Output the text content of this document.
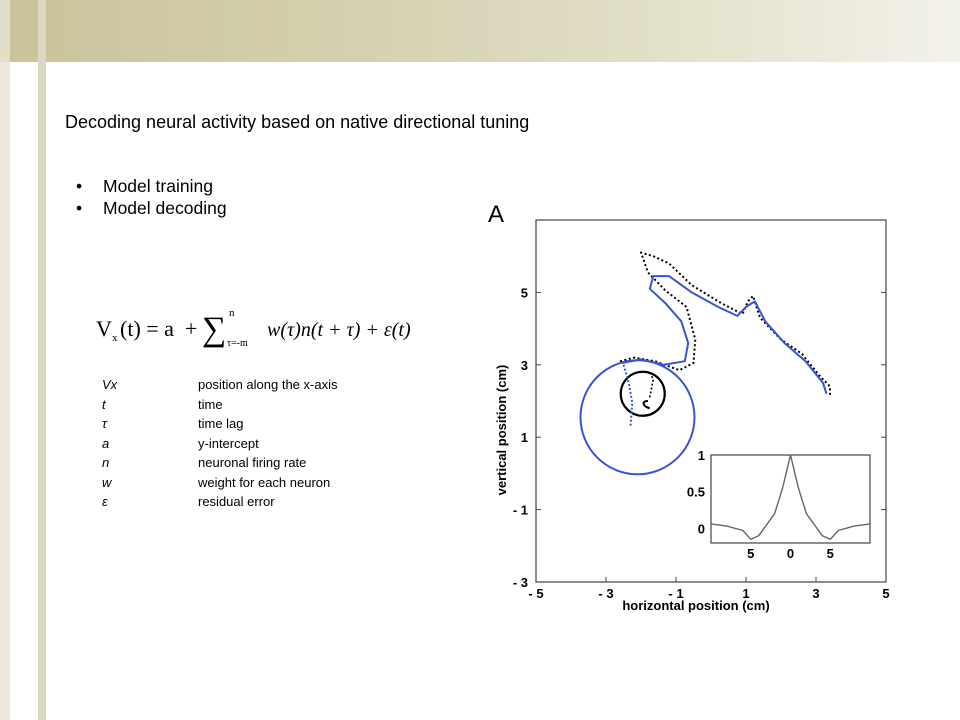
Decoding neural activity based on native directional tuning
• Model training
• Model decoding
V x (t) = a  + ∑ n
τ=-m
w(τ)n(t + τ) + ε(t)
Vx	position along the x-axis
t	time
τ	time lag
a	y-intercept
n	neuronal firing rate
w	weight for each neuron
ε	residual error
A
- 5	- 3	- 1	1	3	5
- 3
- 1
1
3
5
5	0	5
0
0.5
1
horizontal position (cm)
vertical position (cm)
